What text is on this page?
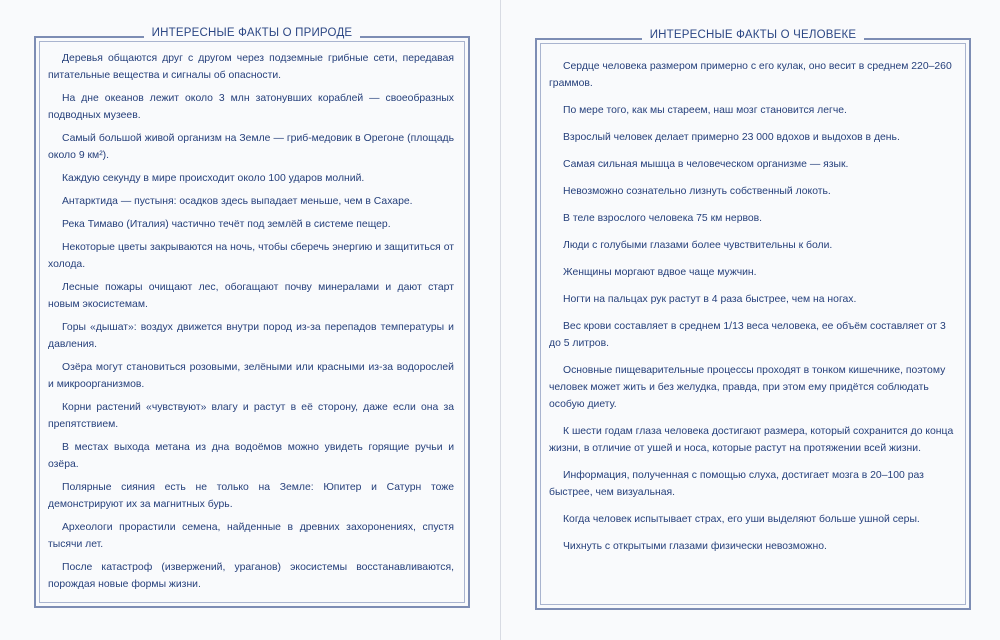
ИНТЕРЕСНЫЕ ФАКТЫ О ПРИРОДЕ
Деревья общаются друг с другом через подземные грибные сети, передавая питательные вещества и сигналы об опасности.
На дне океанов лежит около 3 млн затонувших кораблей — своеобразных подводных музеев.
Самый большой живой организм на Земле — гриб-медовик в Орегоне (площадь около 9 км²).
Каждую секунду в мире происходит около 100 ударов молний.
Антарктида — пустыня: осадков здесь выпадает меньше, чем в Сахаре.
Река Тимаво (Италия) частично течёт под землёй в системе пещер.
Некоторые цветы закрываются на ночь, чтобы сберечь энергию и защититься от холода.
Лесные пожары очищают лес, обогащают почву минералами и дают старт новым экосистемам.
Горы «дышат»: воздух движется внутри пород из-за перепадов температуры и давления.
Озёра могут становиться розовыми, зелёными или красными из-за водорослей и микроорганизмов.
Корни растений «чувствуют» влагу и растут в её сторону, даже если она за препятствием.
В местах выхода метана из дна водоёмов можно увидеть горящие ручьи и озёра.
Полярные сияния есть не только на Земле: Юпитер и Сатурн тоже демонстрируют их за магнитных бурь.
Археологи прорастили семена, найденные в древних захоронениях, спустя тысячи лет.
После катастроф (извержений, ураганов) экосистемы восстанавливаются, порождая новые формы жизни.
ИНТЕРЕСНЫЕ ФАКТЫ О ЧЕЛОВЕКЕ
Сердце человека размером примерно с его кулак, оно весит в среднем 220–260 граммов.
По мере того, как мы стареем, наш мозг становится легче.
Взрослый человек делает примерно 23 000 вдохов и выдохов в день.
Самая сильная мышца в человеческом организме — язык.
Невозможно сознательно лизнуть собственный локоть.
В теле взрослого человека 75 км нервов.
Люди с голубыми глазами более чувствительны к боли.
Женщины моргают вдвое чаще мужчин.
Ногти на пальцах рук растут в 4 раза быстрее, чем на ногах.
Вес крови составляет в среднем 1/13 веса человека, ее объём составляет от 3 до 5 литров.
Основные пищеварительные процессы проходят в тонком кишечнике, поэтому человек может жить и без желудка, правда, при этом ему придётся соблюдать особую диету.
К шести годам глаза человека достигают размера, который сохранится до конца жизни, в отличие от ушей и носа, которые растут на протяжении всей жизни.
Информация, полученная с помощью слуха, достигает мозга в 20–100 раз быстрее, чем визуальная.
Когда человек испытывает страх, его уши выделяют больше ушной серы.
Чихнуть с открытыми глазами физически невозможно.
